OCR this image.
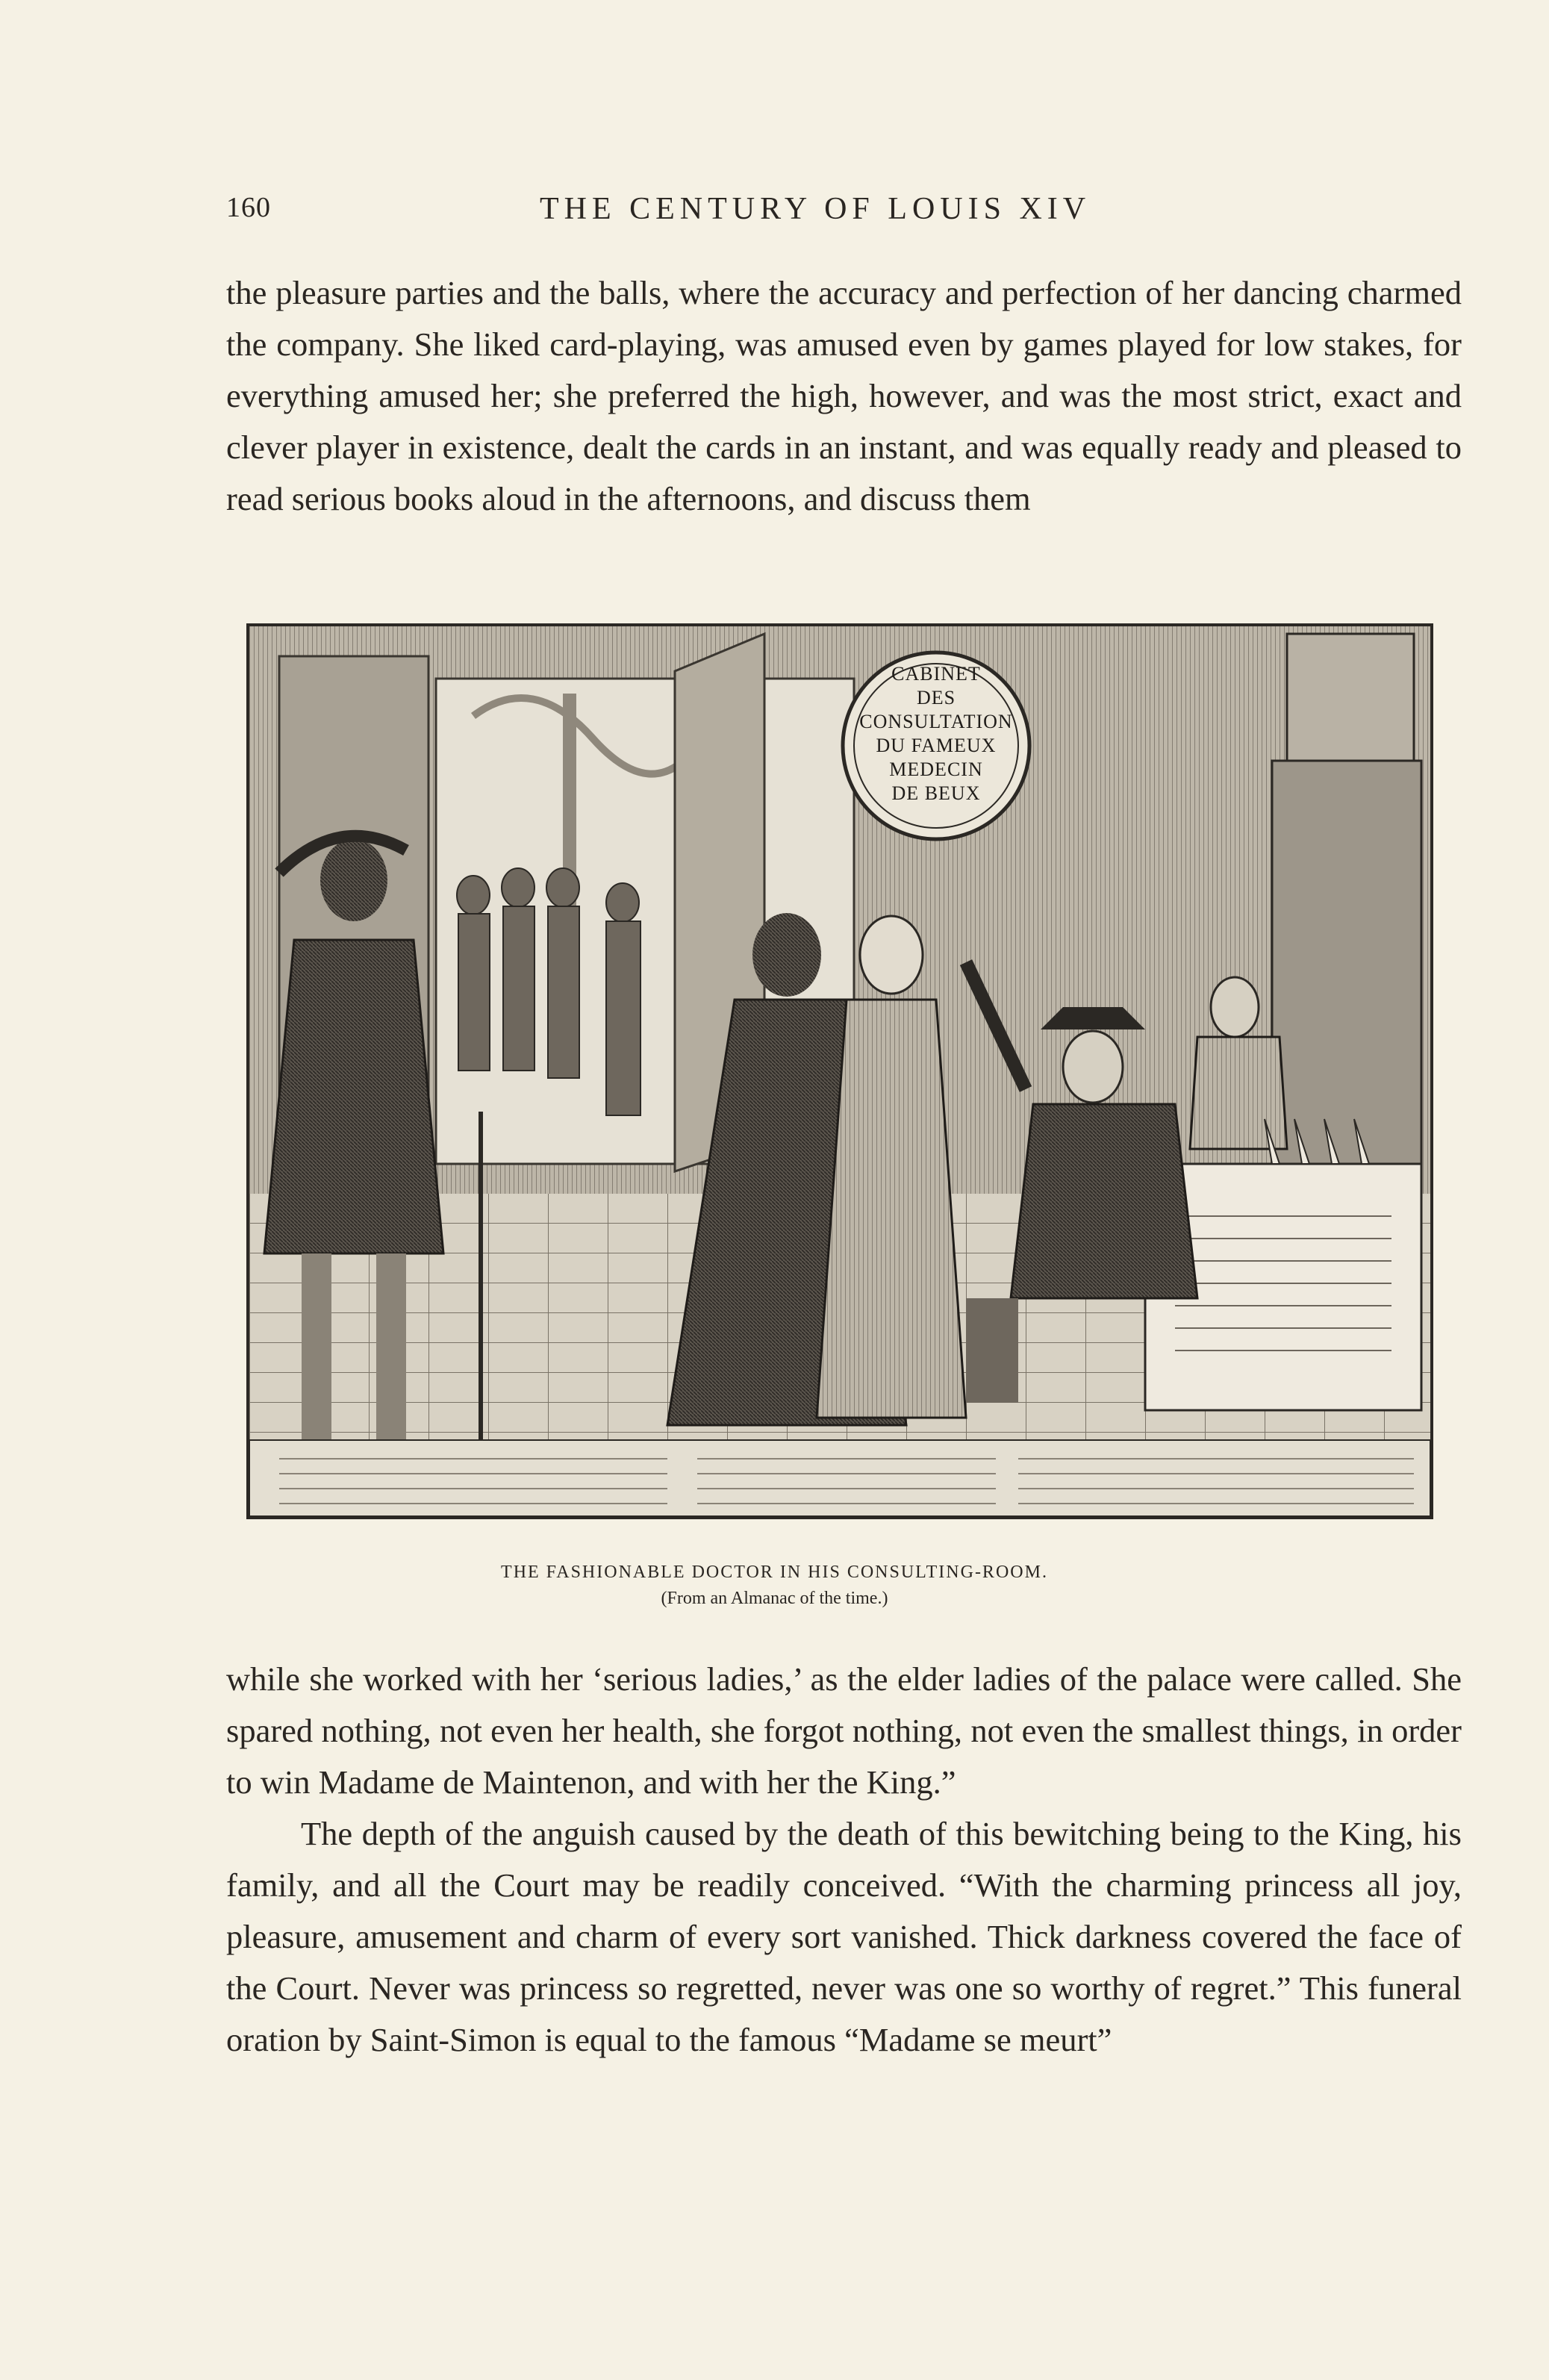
160	THE CENTURY OF LOUIS XIV

the pleasure parties and the balls, where the accuracy and perfection of her dancing charmed the company. She liked card-playing, was amused even by games played for low stakes, for everything amused her; she preferred the high, however, and was the most strict, exact and clever player in existence, dealt the cards in an instant, and was equally ready and pleased to read serious books aloud in the afternoons, and discuss them

CABINET
DES
CONSULTATION
DU FAMEUX
MEDECIN
DE BEUX
THE FASHIONABLE DOCTOR IN HIS CONSULTING-ROOM.
(From an Almanac of the time.)

while she worked with her ‘serious ladies,’ as the elder ladies of the palace were called. She spared nothing, not even her health, she forgot nothing, not even the smallest things, in order to win Madame de Maintenon, and with her the King.”

The depth of the anguish caused by the death of this bewitching being to the King, his family, and all the Court may be readily conceived. “With the charming princess all joy, pleasure, amusement and charm of every sort vanished. Thick darkness covered the face of the Court. Never was princess so regretted, never was one so worthy of regret.” This funeral oration by Saint-Simon is equal to the famous “Madame se meurt”
